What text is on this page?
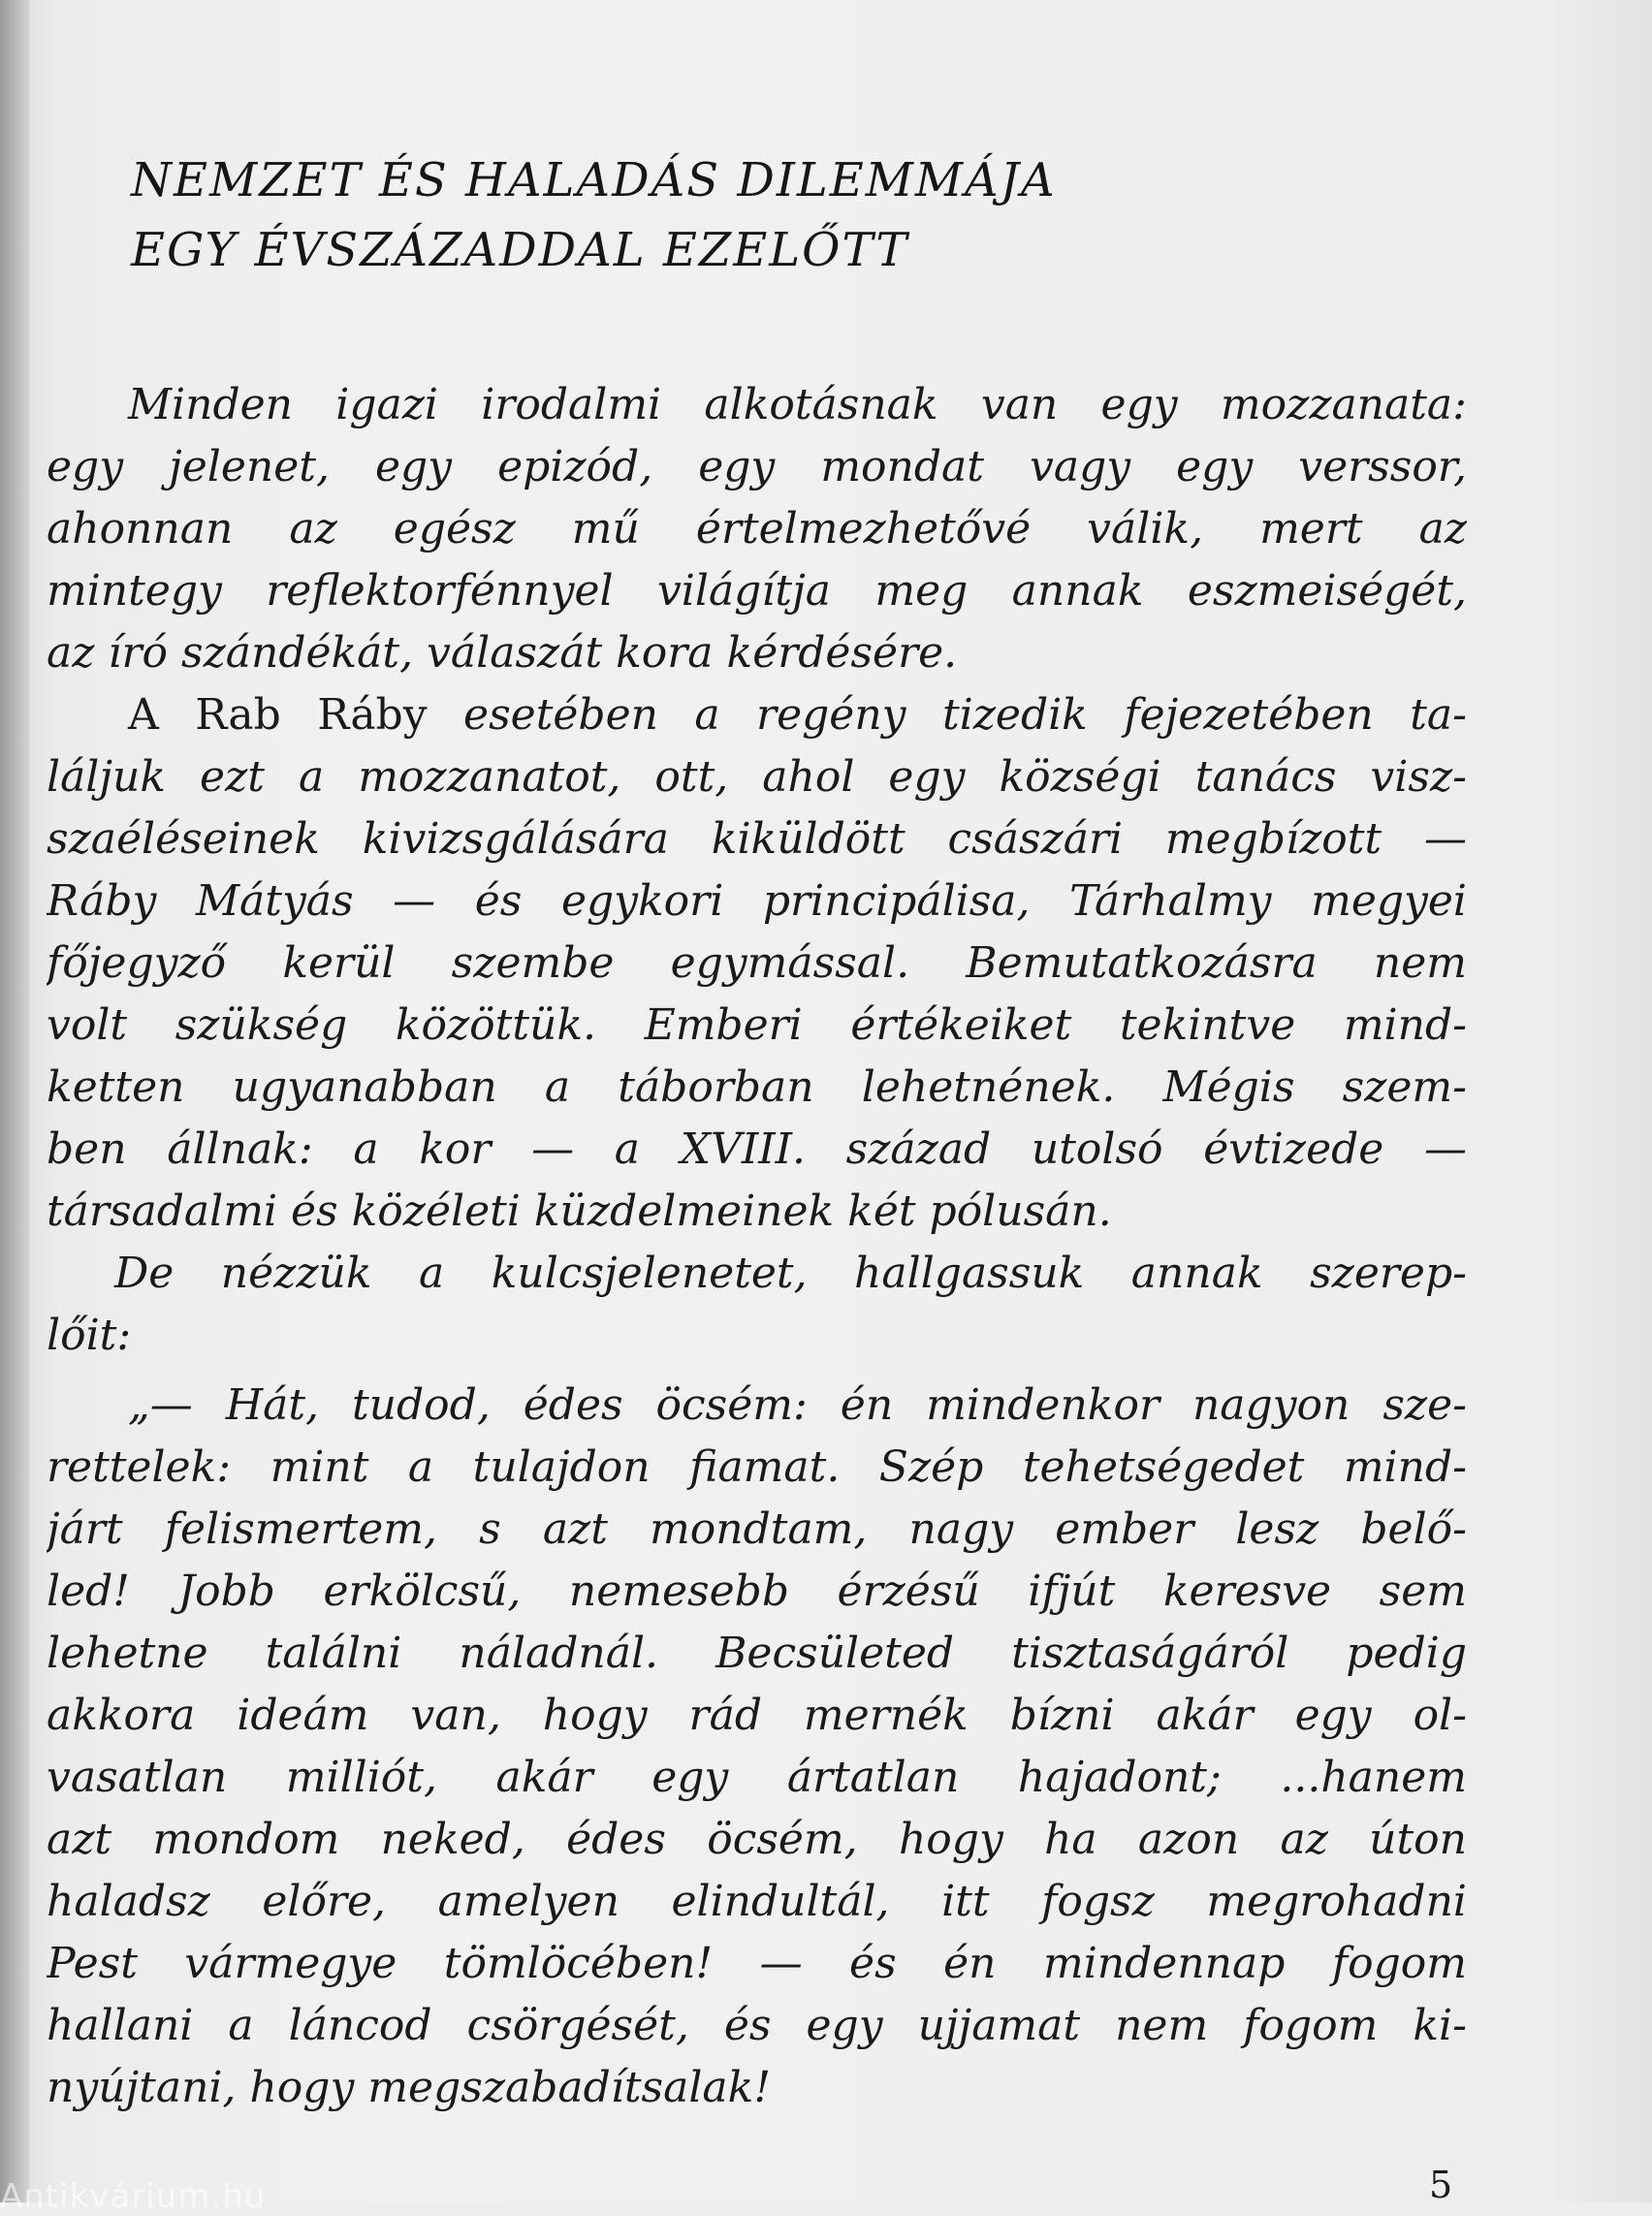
NEMZET ÉS HALADÁS DILEMMÁJA
EGY ÉVSZÁZADDAL EZELŐTT
Minden igazi irodalmi alkotásnak van egy mozzanata:
egy jelenet, egy epizód, egy mondat vagy egy verssor,
ahonnan az egész mű értelmezhetővé válik, mert az
mintegy reflektorfénnyel világítja meg annak eszmeiségét,
az író szándékát, válaszát kora kérdésére.
A Rab Ráby esetében a regény tizedik fejezetében ta-
láljuk ezt a mozzanatot, ott, ahol egy községi tanács visz-
szaéléseinek kivizsgálására kiküldött császári megbízott —
Ráby Mátyás — és egykori principálisa, Tárhalmy megyei
főjegyző kerül szembe egymással. Bemutatkozásra nem
volt szükség közöttük. Emberi értékeiket tekintve mind-
ketten ugyanabban a táborban lehetnének. Mégis szem-
ben állnak: a kor — a XVIII. század utolsó évtizede —
társadalmi és közéleti küzdelmeinek két pólusán.
De nézzük a kulcsjelenetet, hallgassuk annak szerep-
lőit:
„— Hát, tudod, édes öcsém: én mindenkor nagyon sze-
rettelek: mint a tulajdon fiamat. Szép tehetségedet mind-
járt felismertem, s azt mondtam, nagy ember lesz belő-
led! Jobb erkölcsű, nemesebb érzésű ifjút keresve sem
lehetne találni náladnál. Becsületed tisztaságáról pedig
akkora ideám van, hogy rád mernék bízni akár egy ol-
vasatlan milliót, akár egy ártatlan hajadont; ...hanem
azt mondom neked, édes öcsém, hogy ha azon az úton
haladsz előre, amelyen elindultál, itt fogsz megrohadni
Pest vármegye tömlöcében! — és én mindennap fogom
hallani a láncod csörgését, és egy ujjamat nem fogom ki-
nyújtani, hogy megszabadítsalak!
5
Antikvárium.hu
